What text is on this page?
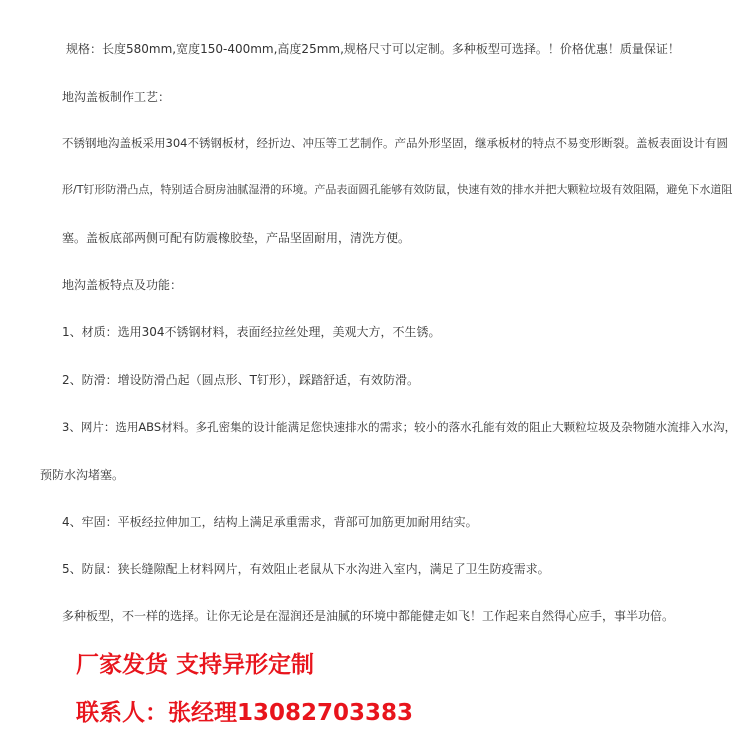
规格：长度580mm,宽度150-400mm,高度25mm,规格尺寸可以定制。多种板型可选择。！价格优惠！质量保证！
地沟盖板制作工艺：
不锈钢地沟盖板采用304不锈钢板材，经折边、冲压等工艺制作。产品外形坚固，继承板材的特点不易变形断裂。盖板表面设计有圆
形/T钉形防滑凸点，特别适合厨房油腻湿滑的环境。产品表面圆孔能够有效防鼠，快速有效的排水并把大颗粒垃圾有效阻隔，避免下水道阻
塞。盖板底部两侧可配有防震橡胶垫，产品坚固耐用，清洗方便。
地沟盖板特点及功能：
1、材质：选用304不锈钢材料，表面经拉丝处理，美观大方，不生锈。
2、防滑：增设防滑凸起（圆点形、T钉形），踩踏舒适，有效防滑。
3、网片：选用ABS材料。多孔密集的设计能满足您快速排水的需求；较小的落水孔能有效的阻止大颗粒垃圾及杂物随水流排入水沟，
预防水沟堵塞。
4、牢固：平板经拉伸加工，结构上满足承重需求，背部可加筋更加耐用结实。
5、防鼠：狭长缝隙配上材料网片，有效阻止老鼠从下水沟进入室内，满足了卫生防疫需求。
多种板型，不一样的选择。让你无论是在湿润还是油腻的环境中都能健走如飞！工作起来自然得心应手，事半功倍。
厂家发货 支持异形定制
联系人：张经理13082703383
